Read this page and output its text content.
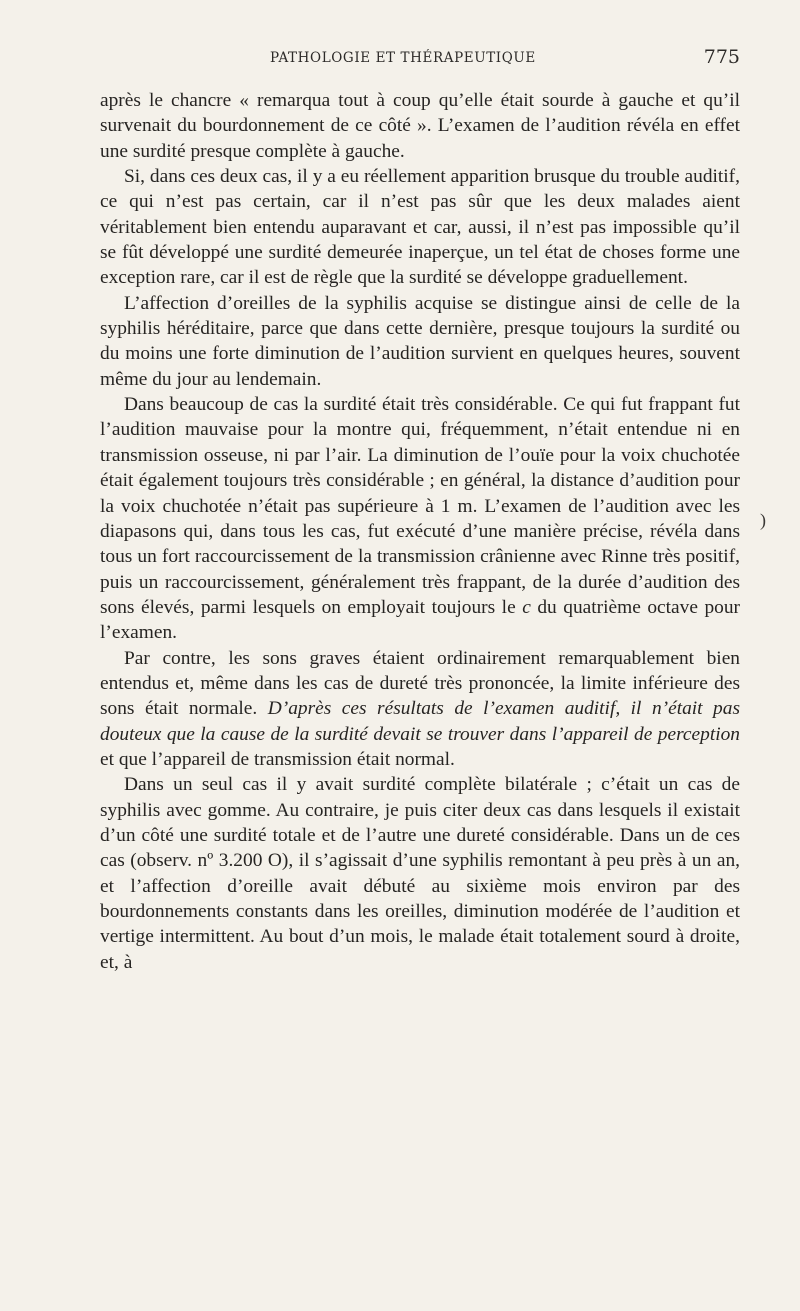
PATHOLOGIE ET THÉRAPEUTIQUE	775

après le chancre « remarqua tout à coup qu’elle était sourde à gauche et qu’il survenait du bourdonnement de ce côté ». L’examen de l’audition révéla en effet une surdité presque complète à gauche.

Si, dans ces deux cas, il y a eu réellement apparition brusque du trouble auditif, ce qui n’est pas certain, car il n’est pas sûr que les deux malades aient véritablement bien entendu auparavant et car, aussi, il n’est pas impossible qu’il se fût développé une surdité demeurée inaperçue, un tel état de choses forme une exception rare, car il est de règle que la surdité se développe graduellement.

L’affection d’oreilles de la syphilis acquise se distingue ainsi de celle de la syphilis héréditaire, parce que dans cette dernière, presque toujours la surdité ou du moins une forte diminution de l’audition survient en quelques heures, souvent même du jour au lendemain.

Dans beaucoup de cas la surdité était très considérable. Ce qui fut frappant fut l’audition mauvaise pour la montre qui, fréquemment, n’était entendue ni en transmission osseuse, ni par l’air. La diminution de l’ouïe pour la voix chuchotée était également toujours très considérable ; en général, la distance d’audition pour la voix chuchotée n’était pas supérieure à 1 m. L’examen de l’audition avec les diapasons qui, dans tous les cas, fut exécuté d’une manière précise, révéla dans tous un fort raccourcissement de la transmission crânienne avec Rinne très positif, puis un raccourcissement, généralement très frappant, de la durée d’audition des sons élevés, parmi lesquels on employait toujours le c du quatrième octave pour l’examen.

Par contre, les sons graves étaient ordinairement remarquablement bien entendus et, même dans les cas de dureté très prononcée, la limite inférieure des sons était normale. D’après ces résultats de l’examen auditif, il n’était pas douteux que la cause de la surdité devait se trouver dans l’appareil de perception et que l’appareil de transmission était normal.

Dans un seul cas il y avait surdité complète bilatérale ; c’était un cas de syphilis avec gomme. Au contraire, je puis citer deux cas dans lesquels il existait d’un côté une surdité totale et de l’autre une dureté considérable. Dans un de ces cas (observ. nº 3.200 O), il s’agissait d’une syphilis remontant à peu près à un an, et l’affection d’oreille avait débuté au sixième mois environ par des bourdonnements constants dans les oreilles, diminution modérée de l’audition et vertige intermittent. Au bout d’un mois, le malade était totalement sourd à droite, et, à

)
